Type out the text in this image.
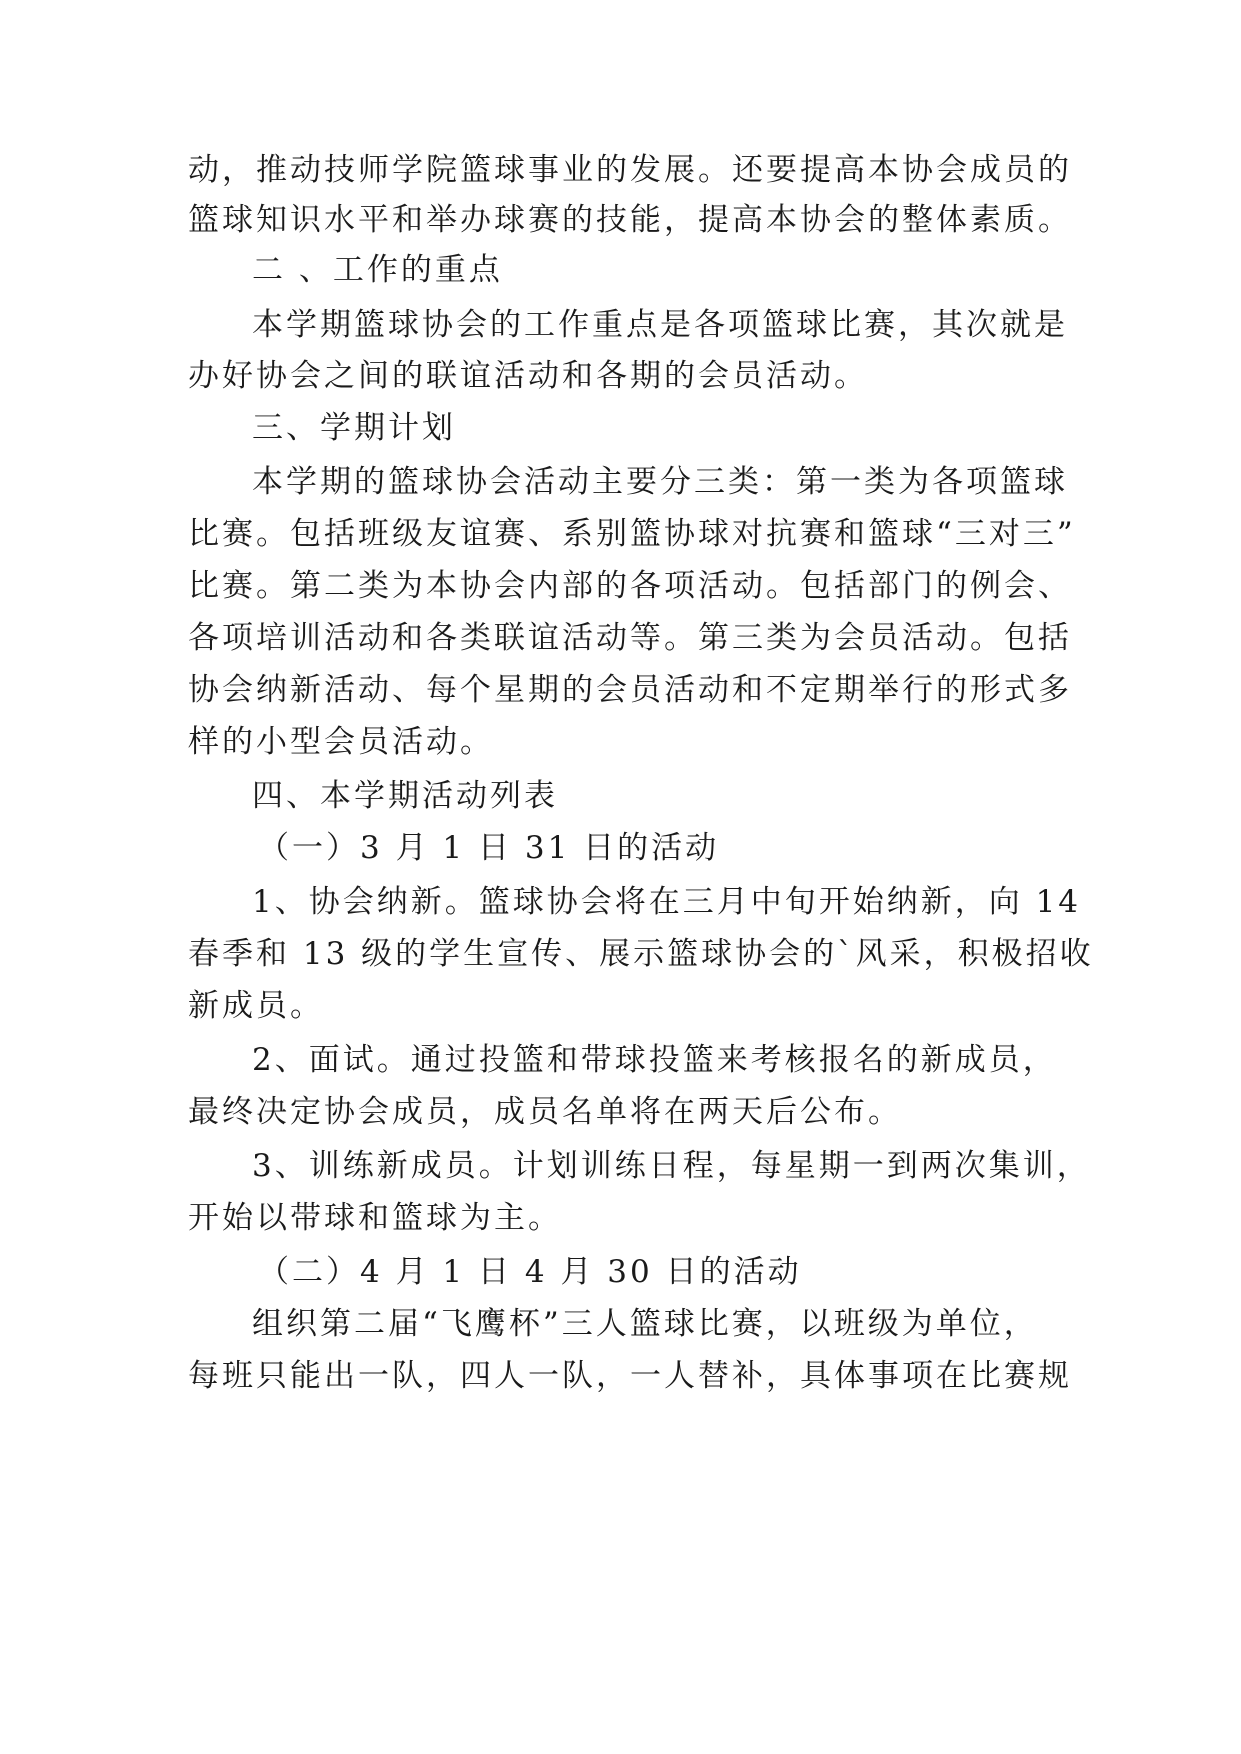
动，推动技师学院篮球事业的发展。还要提高本协会成员的
篮球知识水平和举办球赛的技能，提高本协会的整体素质。
二 、工作的重点
本学期篮球协会的工作重点是各项篮球比赛，其次就是
办好协会之间的联谊活动和各期的会员活动。
三、学期计划
本学期的篮球协会活动主要分三类：第一类为各项篮球
比赛。包括班级友谊赛、系别篮协球对抗赛和篮球“三对三”
比赛。第二类为本协会内部的各项活动。包括部门的例会、
各项培训活动和各类联谊活动等。第三类为会员活动。包括
协会纳新活动、每个星期的会员活动和不定期举行的形式多
样的小型会员活动。
四、本学期活动列表
（一）3 月 1 日 31 日的活动
1、协会纳新。篮球协会将在三月中旬开始纳新，向 14
春季和 13 级的学生宣传、展示篮球协会的`风采，积极招收
新成员。
2、面试。通过投篮和带球投篮来考核报名的新成员，
最终决定协会成员，成员名单将在两天后公布。
3、训练新成员。计划训练日程，每星期一到两次集训，
开始以带球和篮球为主。
（二）4 月 1 日 4 月 30 日的活动
组织第二届“飞鹰杯”三人篮球比赛，以班级为单位，
每班只能出一队，四人一队，一人替补，具体事项在比赛规
